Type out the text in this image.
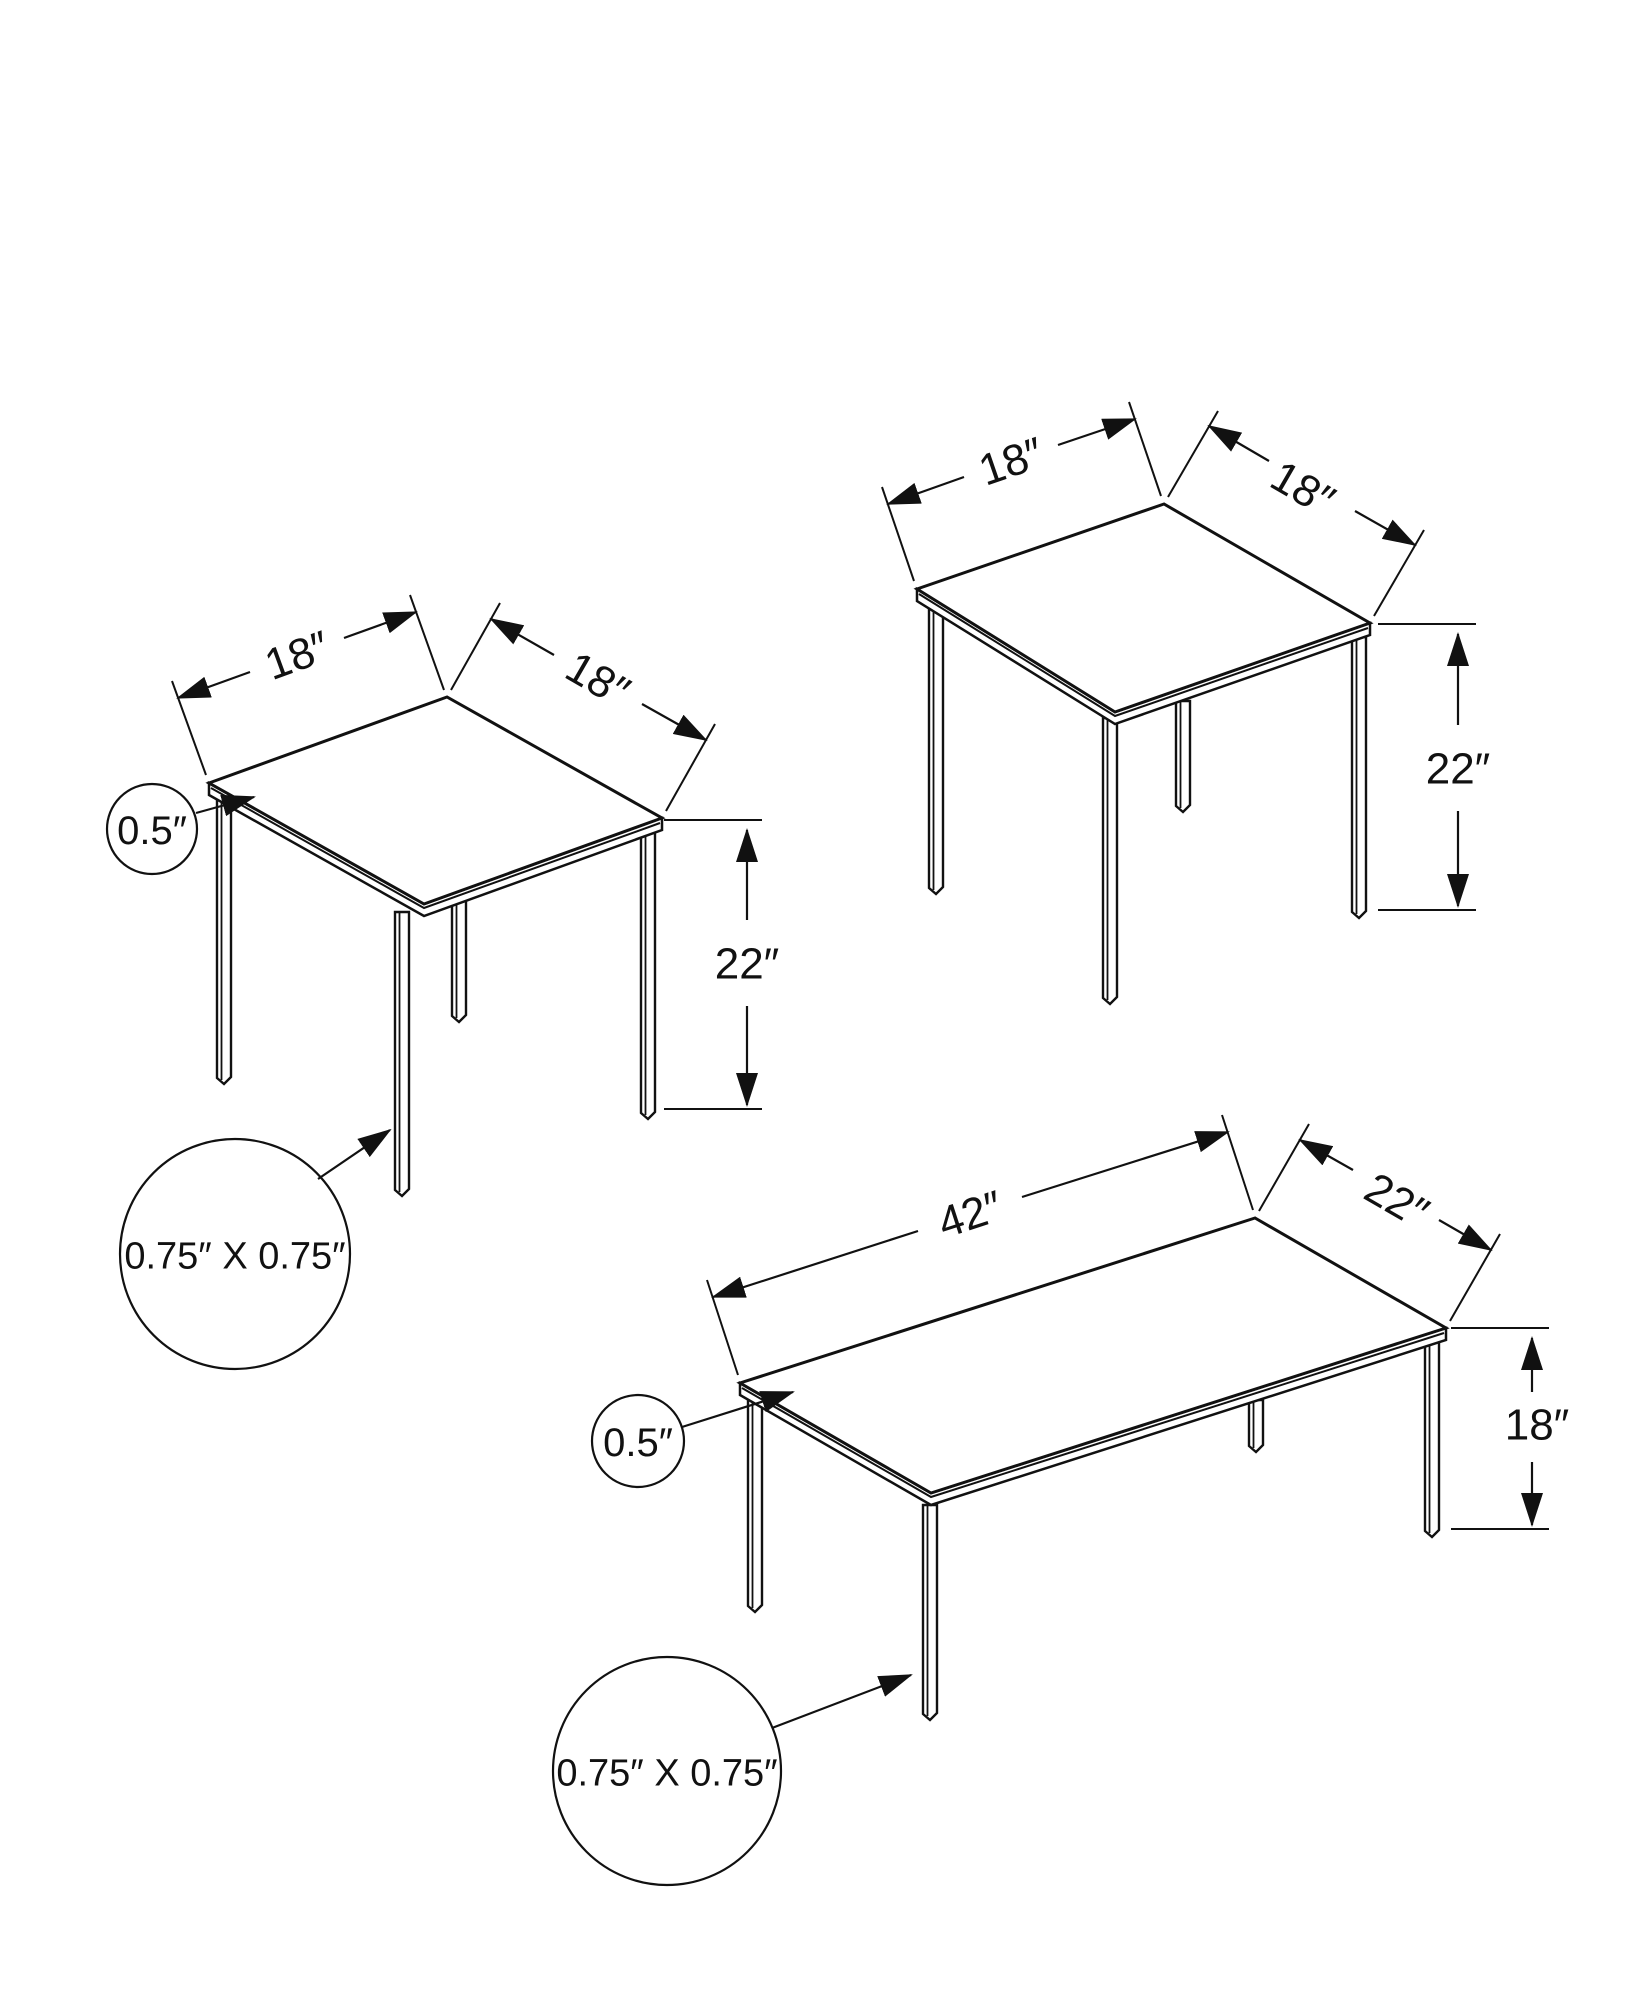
18″	18″
22″
0.5″
0.75″ X 0.75″
18″	18″
22″
42″	22″
18″
0.5″
0.75″ X 0.75″
